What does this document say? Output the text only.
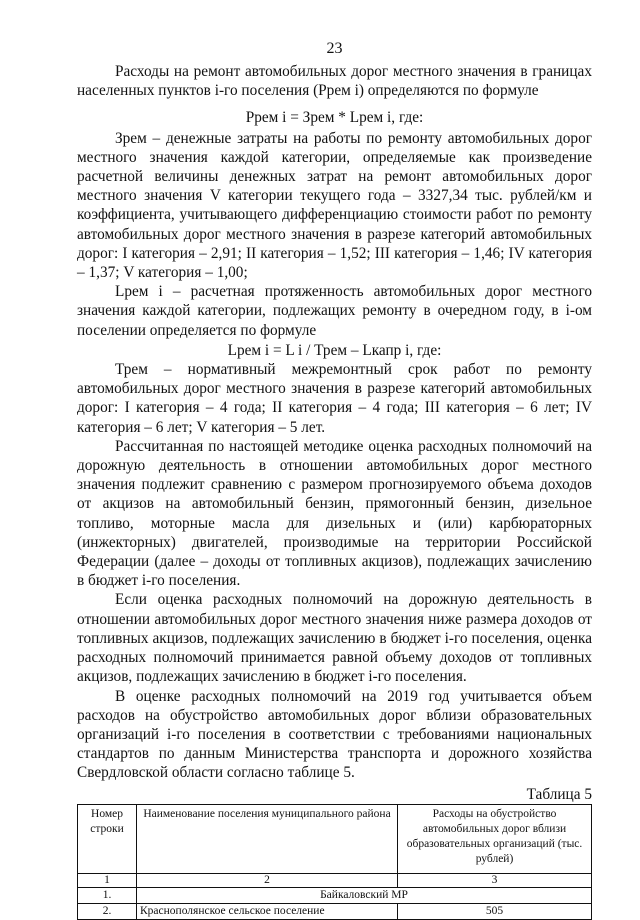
23

Расходы на ремонт автомобильных дорог местного значения в границах населенных пунктов i-го поселения (Ррем i) определяются по формуле

Ррем i = Зрем * Lрем i, где:

Зрем – денежные затраты на работы по ремонту автомобильных дорог местного значения каждой категории, определяемые как произведение расчетной величины денежных затрат на ремонт автомобильных дорог местного значения V категории текущего года – 3327,34 тыс. рублей/км и коэффициента, учитывающего дифференциацию стоимости работ по ремонту автомобильных дорог местного значения в разрезе категорий автомобильных дорог: I категория – 2,91; II категория – 1,52; III категория – 1,46; IV категория – 1,37; V категория – 1,00;

Lрем i – расчетная протяженность автомобильных дорог местного значения каждой категории, подлежащих ремонту в очередном году, в i-ом поселении определяется по формуле

Lрем i = L i / Трем – Lкапр i, где:

Трем – нормативный межремонтный срок работ по ремонту автомобильных дорог местного значения в разрезе категорий автомобильных дорог: I категория – 4 года; II категория – 4 года; III категория – 6 лет; IV категория – 6 лет; V категория – 5 лет.

Рассчитанная по настоящей методике оценка расходных полномочий на дорожную деятельность в отношении автомобильных дорог местного значения подлежит сравнению с размером прогнозируемого объема доходов от акцизов на автомобильный бензин, прямогонный бензин, дизельное топливо, моторные масла для дизельных и (или) карбюраторных (инжекторных) двигателей, производимые на территории Российской Федерации (далее – доходы от топливных акцизов), подлежащих зачислению в бюджет i-го поселения.

Если оценка расходных полномочий на дорожную деятельность в отношении автомобильных дорог местного значения ниже размера доходов от топливных акцизов, подлежащих зачислению в бюджет i-го поселения, оценка расходных полномочий принимается равной объему доходов от топливных акцизов, подлежащих зачислению в бюджет i-го поселения.

В оценке расходных полномочий на 2019 год учитывается объем расходов на обустройство автомобильных дорог вблизи образовательных организаций i-го поселения в соответствии с требованиями национальных стандартов по данным Министерства транспорта и дорожного хозяйства Свердловской области согласно таблице 5.

Таблица 5
Номер строки	Наименование поселения муниципального района	Расходы на обустройство автомобильных дорог вблизи образовательных организаций (тыс. рублей)
1	2	3
1.	Байкаловский МР	
2.	Краснополянское сельское поселение	505
